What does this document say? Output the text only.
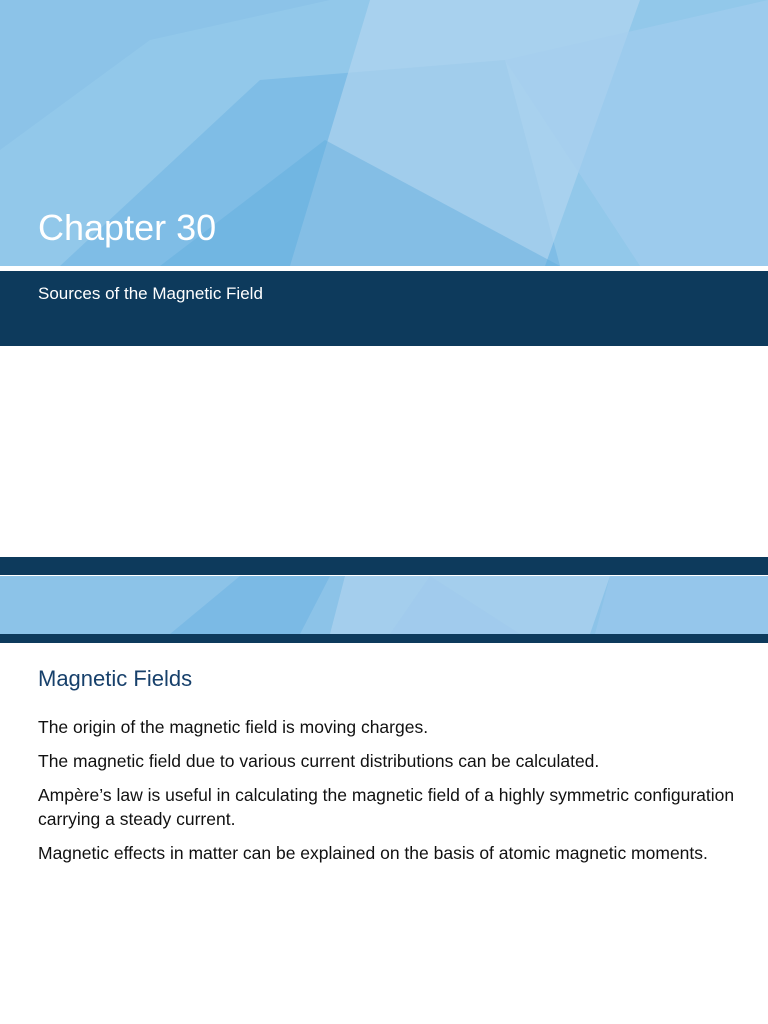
Chapter 30
Sources of the Magnetic Field
Magnetic Fields
The origin of the magnetic field is moving charges.
The magnetic field due to various current distributions can be calculated.
Ampère’s law is useful in calculating the magnetic field of a highly symmetric configuration carrying a steady current.
Magnetic effects in matter can be explained on the basis of atomic magnetic moments.
